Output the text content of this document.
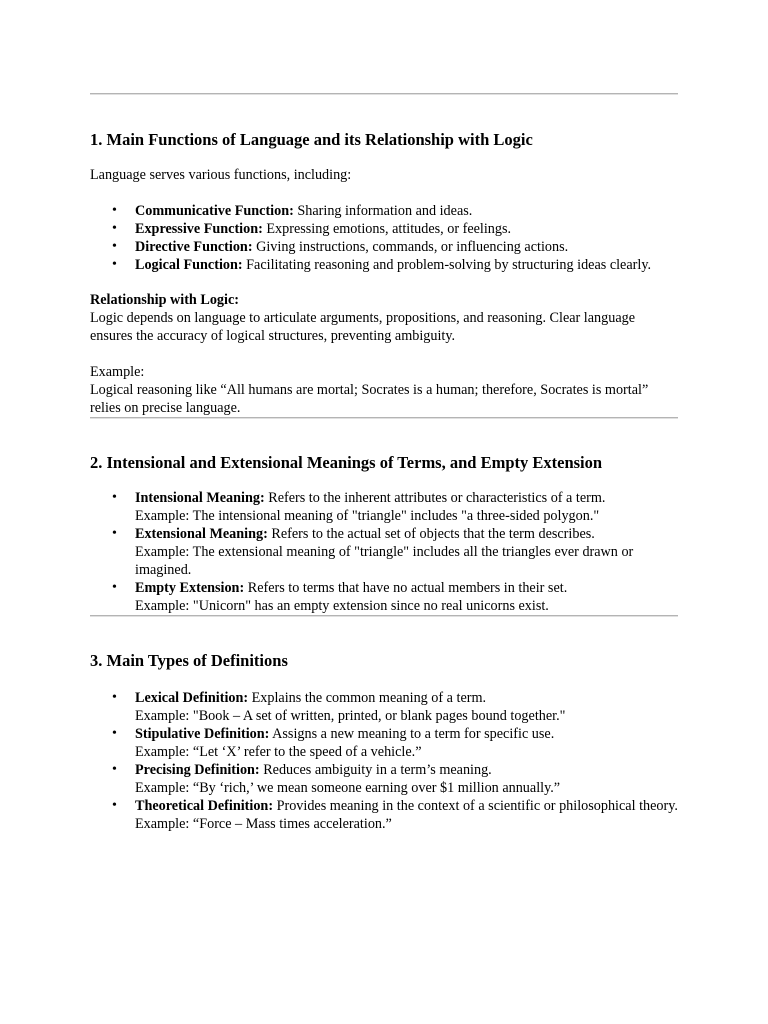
1. Main Functions of Language and its Relationship with Logic

Language serves various functions, including:

• Communicative Function: Sharing information and ideas.
• Expressive Function: Expressing emotions, attitudes, or feelings.
• Directive Function: Giving instructions, commands, or influencing actions.
• Logical Function: Facilitating reasoning and problem-solving by structuring ideas clearly.

Relationship with Logic:
Logic depends on language to articulate arguments, propositions, and reasoning. Clear language ensures the accuracy of logical structures, preventing ambiguity.

Example:
Logical reasoning like “All humans are mortal; Socrates is a human; therefore, Socrates is mortal” relies on precise language.

2. Intensional and Extensional Meanings of Terms, and Empty Extension
• Intensional Meaning: Refers to the inherent attributes or characteristics of a term.
Example: The intensional meaning of "triangle" includes "a three-sided polygon."
• Extensional Meaning: Refers to the actual set of objects that the term describes.
Example: The extensional meaning of "triangle" includes all the triangles ever drawn or imagined.
• Empty Extension: Refers to terms that have no actual members in their set.
Example: "Unicorn" has an empty extension since no real unicorns exist.
3. Main Types of Definitions
• Lexical Definition: Explains the common meaning of a term.
Example: "Book – A set of written, printed, or blank pages bound together."
• Stipulative Definition: Assigns a new meaning to a term for specific use.
Example: “Let ‘X’ refer to the speed of a vehicle.”
• Precising Definition: Reduces ambiguity in a term’s meaning.
Example: “By ‘rich,’ we mean someone earning over $1 million annually.”
• Theoretical Definition: Provides meaning in the context of a scientific or philosophical theory.
Example: “Force – Mass times acceleration.”
